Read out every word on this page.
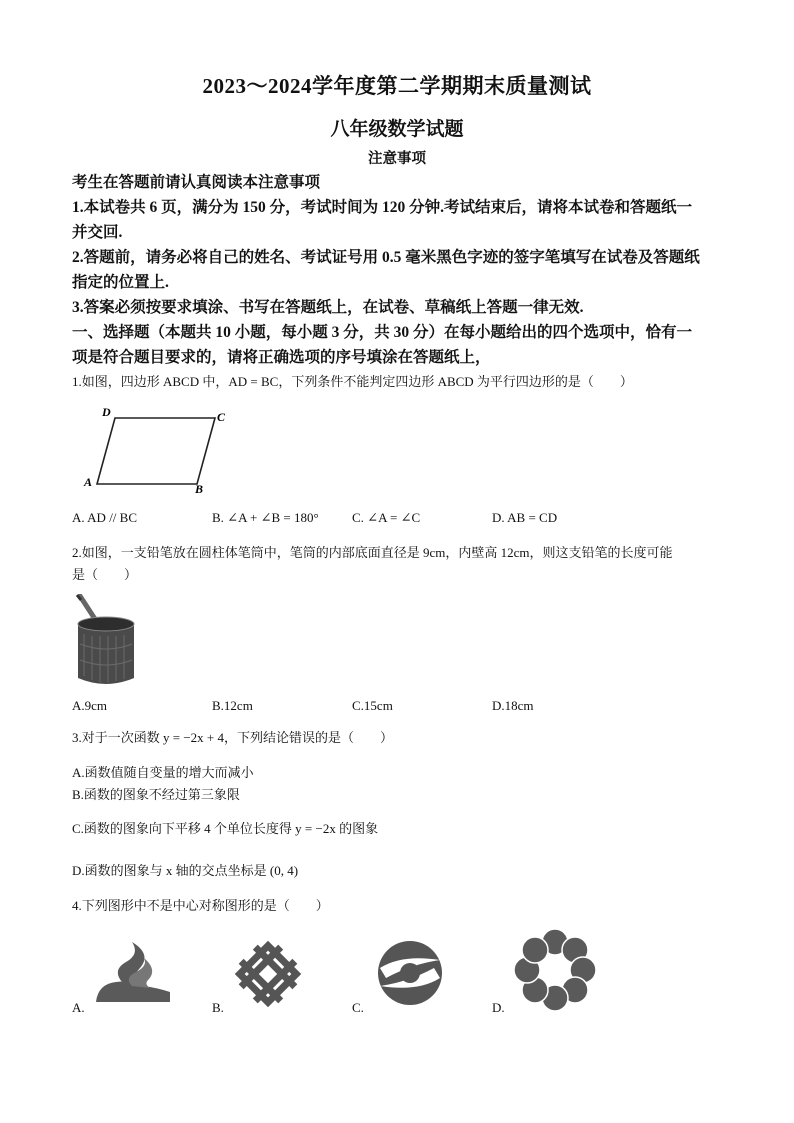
2023～2024学年度第二学期期末质量测试
八年级数学试题
注意事项

考生在答题前请认真阅读本注意事项

1.本试卷共 6 页，满分为 150 分，考试时间为 120 分钟.考试结束后，请将本试卷和答题纸一

并交回.

2.答题前，请务必将自己的姓名、考试证号用 0.5 毫米黑色字迹的签字笔填写在试卷及答题纸

指定的位置上.

3.答案必须按要求填涂、书写在答题纸上，在试卷、草稿纸上答题一律无效.

一、选择题（本题共 10 小题，每小题 3 分，共 30 分）在每小题给出的四个选项中，恰有一

项是符合题目要求的，请将正确选项的序号填涂在答题纸上，

1.如图，四边形 ABCD 中，AD = BC，下列条件不能判定四边形 ABCD 为平行四边形的是（　　）

D	C
A	B
A. AD // BC	B. ∠A + ∠B = 180°	C. ∠A = ∠C	D. AB = CD

2.如图，一支铅笔放在圆柱体笔筒中，笔筒的内部底面直径是 9cm，内壁高 12cm，则这支铅笔的长度可能

是（　　）

A.9cm	B.12cm	C.15cm	D.18cm

3.对于一次函数 y = −2x + 4，下列结论错误的是（　　）

A.函数值随自变量的增大而减小

B.函数的图象不经过第三象限

C.函数的图象向下平移 4 个单位长度得 y = −2x 的图象

D.函数的图象与 x 轴的交点坐标是 (0, 4)

4.下列图形中不是中心对称图形的是（　　）

A.	B.	C.	D.
